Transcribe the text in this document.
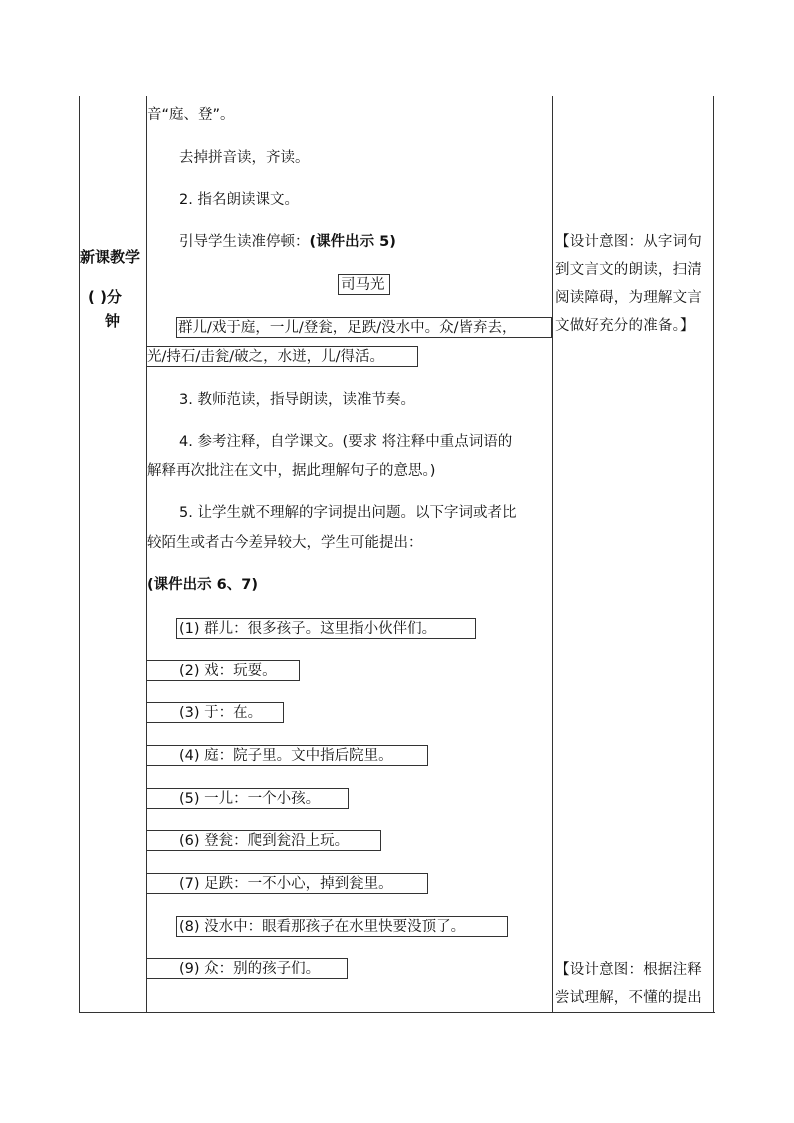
新课教学
( )分
钟
音“庭、登”。
去掉拼音读，齐读。
2. 指名朗读课文。
引导学生读准停顿：(课件出示 5)
司马光
群儿/戏于庭，一儿/登瓮，足跌/没水中。众/皆弃去，
光/持石/击瓮/破之，水迸，儿/得活。
3. 教师范读，指导朗读，读准节奏。
4. 参考注释，自学课文。(要求 将注释中重点词语的
解释再次批注在文中，据此理解句子的意思。)
5. 让学生就不理解的字词提出问题。以下字词或者比
较陌生或者古今差异较大，学生可能提出：
(课件出示 6、7)
(1) 群儿：很多孩子。这里指小伙伴们。
(2) 戏：玩耍。
(3) 于：在。
(4) 庭：院子里。文中指后院里。
(5) 一儿：一个小孩。
(6) 登瓮：爬到瓮沿上玩。
(7) 足跌：一不小心，掉到瓮里。
(8) 没水中：眼看那孩子在水里快要没顶了。
(9) 众：别的孩子们。
【设计意图：从字词句到文言文的朗读，扫清阅读障碍，为理解文言文做好充分的准备。】
【设计意图：根据注释尝试理解，不懂的提出
